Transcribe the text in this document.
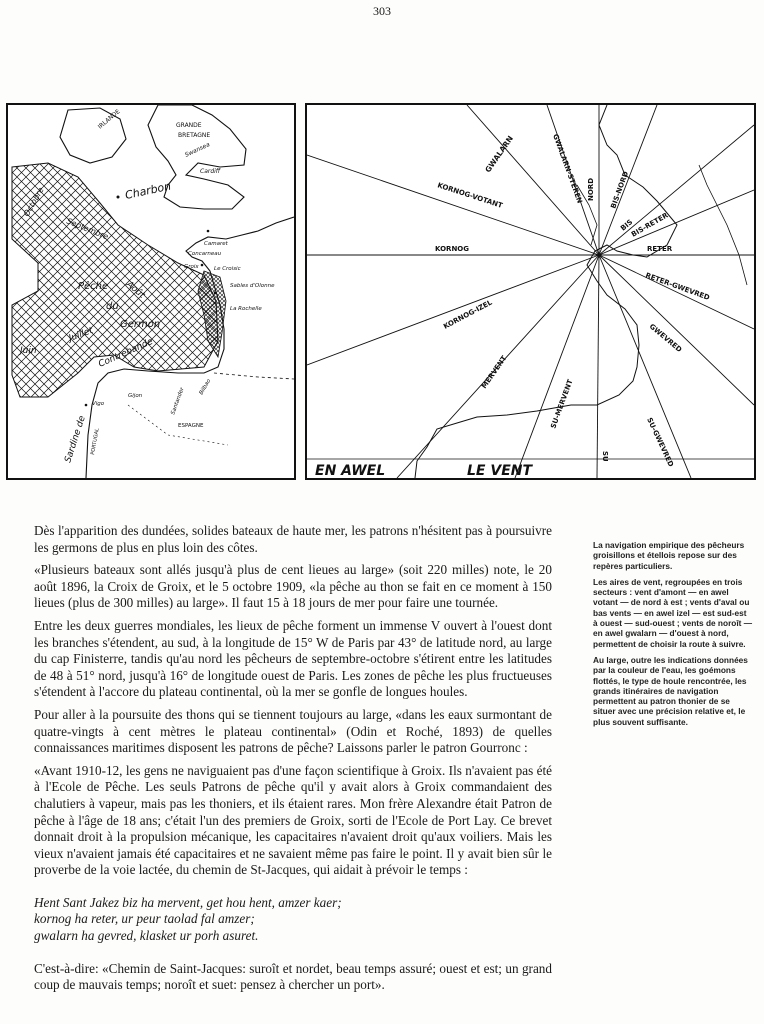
303
IRLANDE	GRANDE
BRETAGNE
Swansea
Cardiff
Charbon
Octobre
Septembre
Août
Pêche
du
Germon
Juillet
Juin	Contrebande
Sardine de
Camaret
Concarneau
Groix	Le Croisic
Sables d'Olonne
La Rochelle
Vigo
Gijon	Santander Bilbao
PORTUGAL
ESPAGNE
GWALARN	GWALARN-STEREN NORD BIS-NORD
BIS
BIS-RETER
RETER
RETER-GWEVRED
GWEVRED
SU-GWEVRED
SU
SU-MERVENT
MERVENT
KORNOG-IZEL
KORNOG
KORNOG-VOTANT
EN AWEL	LE VENT

Dès l'apparition des dundées, solides bateaux de haute mer, les patrons n'hésitent pas à poursuivre les germons de plus en plus loin des côtes.

«Plusieurs bateaux sont allés jusqu'à plus de cent lieues au large» (soit 220 milles) note, le 20 août 1896, la Croix de Groix, et le 5 octobre 1909, «la pêche au thon se fait en ce moment à 150 lieues (plus de 300 milles) au large». Il faut 15 à 18 jours de mer pour faire une tournée.

Entre les deux guerres mondiales, les lieux de pêche forment un immense V ouvert à l'ouest dont les branches s'étendent, au sud, à la longitude de 15° W de Paris par 43° de latitude nord, au large du cap Finisterre, tandis qu'au nord les pêcheurs de septembre-octobre s'étirent entre les latitudes de 48 à 51° nord, jusqu'à 16° de longitude ouest de Paris. Les zones de pêche les plus fructueuses s'étendent à l'accore du plateau continental, où la mer se gonfle de longues houles.

Pour aller à la poursuite des thons qui se tiennent toujours au large, «dans les eaux surmontant de quatre-vingts à cent mètres le plateau continental» (Odin et Roché, 1893) de quelles connaissances maritimes disposent les patrons de pêche? Laissons parler le patron Gourronc :

«Avant 1910-12, les gens ne naviguaient pas d'une façon scientifique à Groix. Ils n'avaient pas été à l'Ecole de Pêche. Les seuls Patrons de pêche qu'il y avait alors à Groix commandaient des chalutiers à vapeur, mais pas les thoniers, et ils étaient rares. Mon frère Alexandre était Patron de pêche à l'âge de 18 ans; c'était l'un des premiers de Groix, sorti de l'Ecole de Port Lay. Ce brevet donnait droit à la propulsion mécanique, les capacitaires n'avaient droit qu'aux voiliers. Mais les vieux n'avaient jamais été capacitaires et ne savaient même pas faire le point. Il y avait bien sûr le proverbe de la voie lactée, du chemin de St-Jacques, qui aidait à prévoir le temps :

Hent Sant Jakez biz ha mervent, get hou hent, amzer kaer;
kornog ha reter, ur peur taolad fal amzer;
gwalarn ha gevred, klasket ur porh asuret.

C'est-à-dire: «Chemin de Saint-Jacques: suroît et nordet, beau temps assuré; ouest et est; un grand coup de mauvais temps; noroît et suet: pensez à chercher un port».

La navigation empirique des pêcheurs groisillons et étellois repose sur des repères particuliers.

Les aires de vent, regroupées en trois secteurs : vent d'amont — en awel votant — de nord à est ; vents d'aval ou bas vents — en awel izel — est sud-est à ouest — sud-ouest ; vents de noroît — en awel gwalarn — d'ouest à nord, permettent de choisir la route à suivre.

Au large, outre les indications données par la couleur de l'eau, les goémons flottés, le type de houle rencontrée, les grands itinéraires de navigation permettent au patron thonier de se situer avec une précision relative et, le plus souvent suffisante.
